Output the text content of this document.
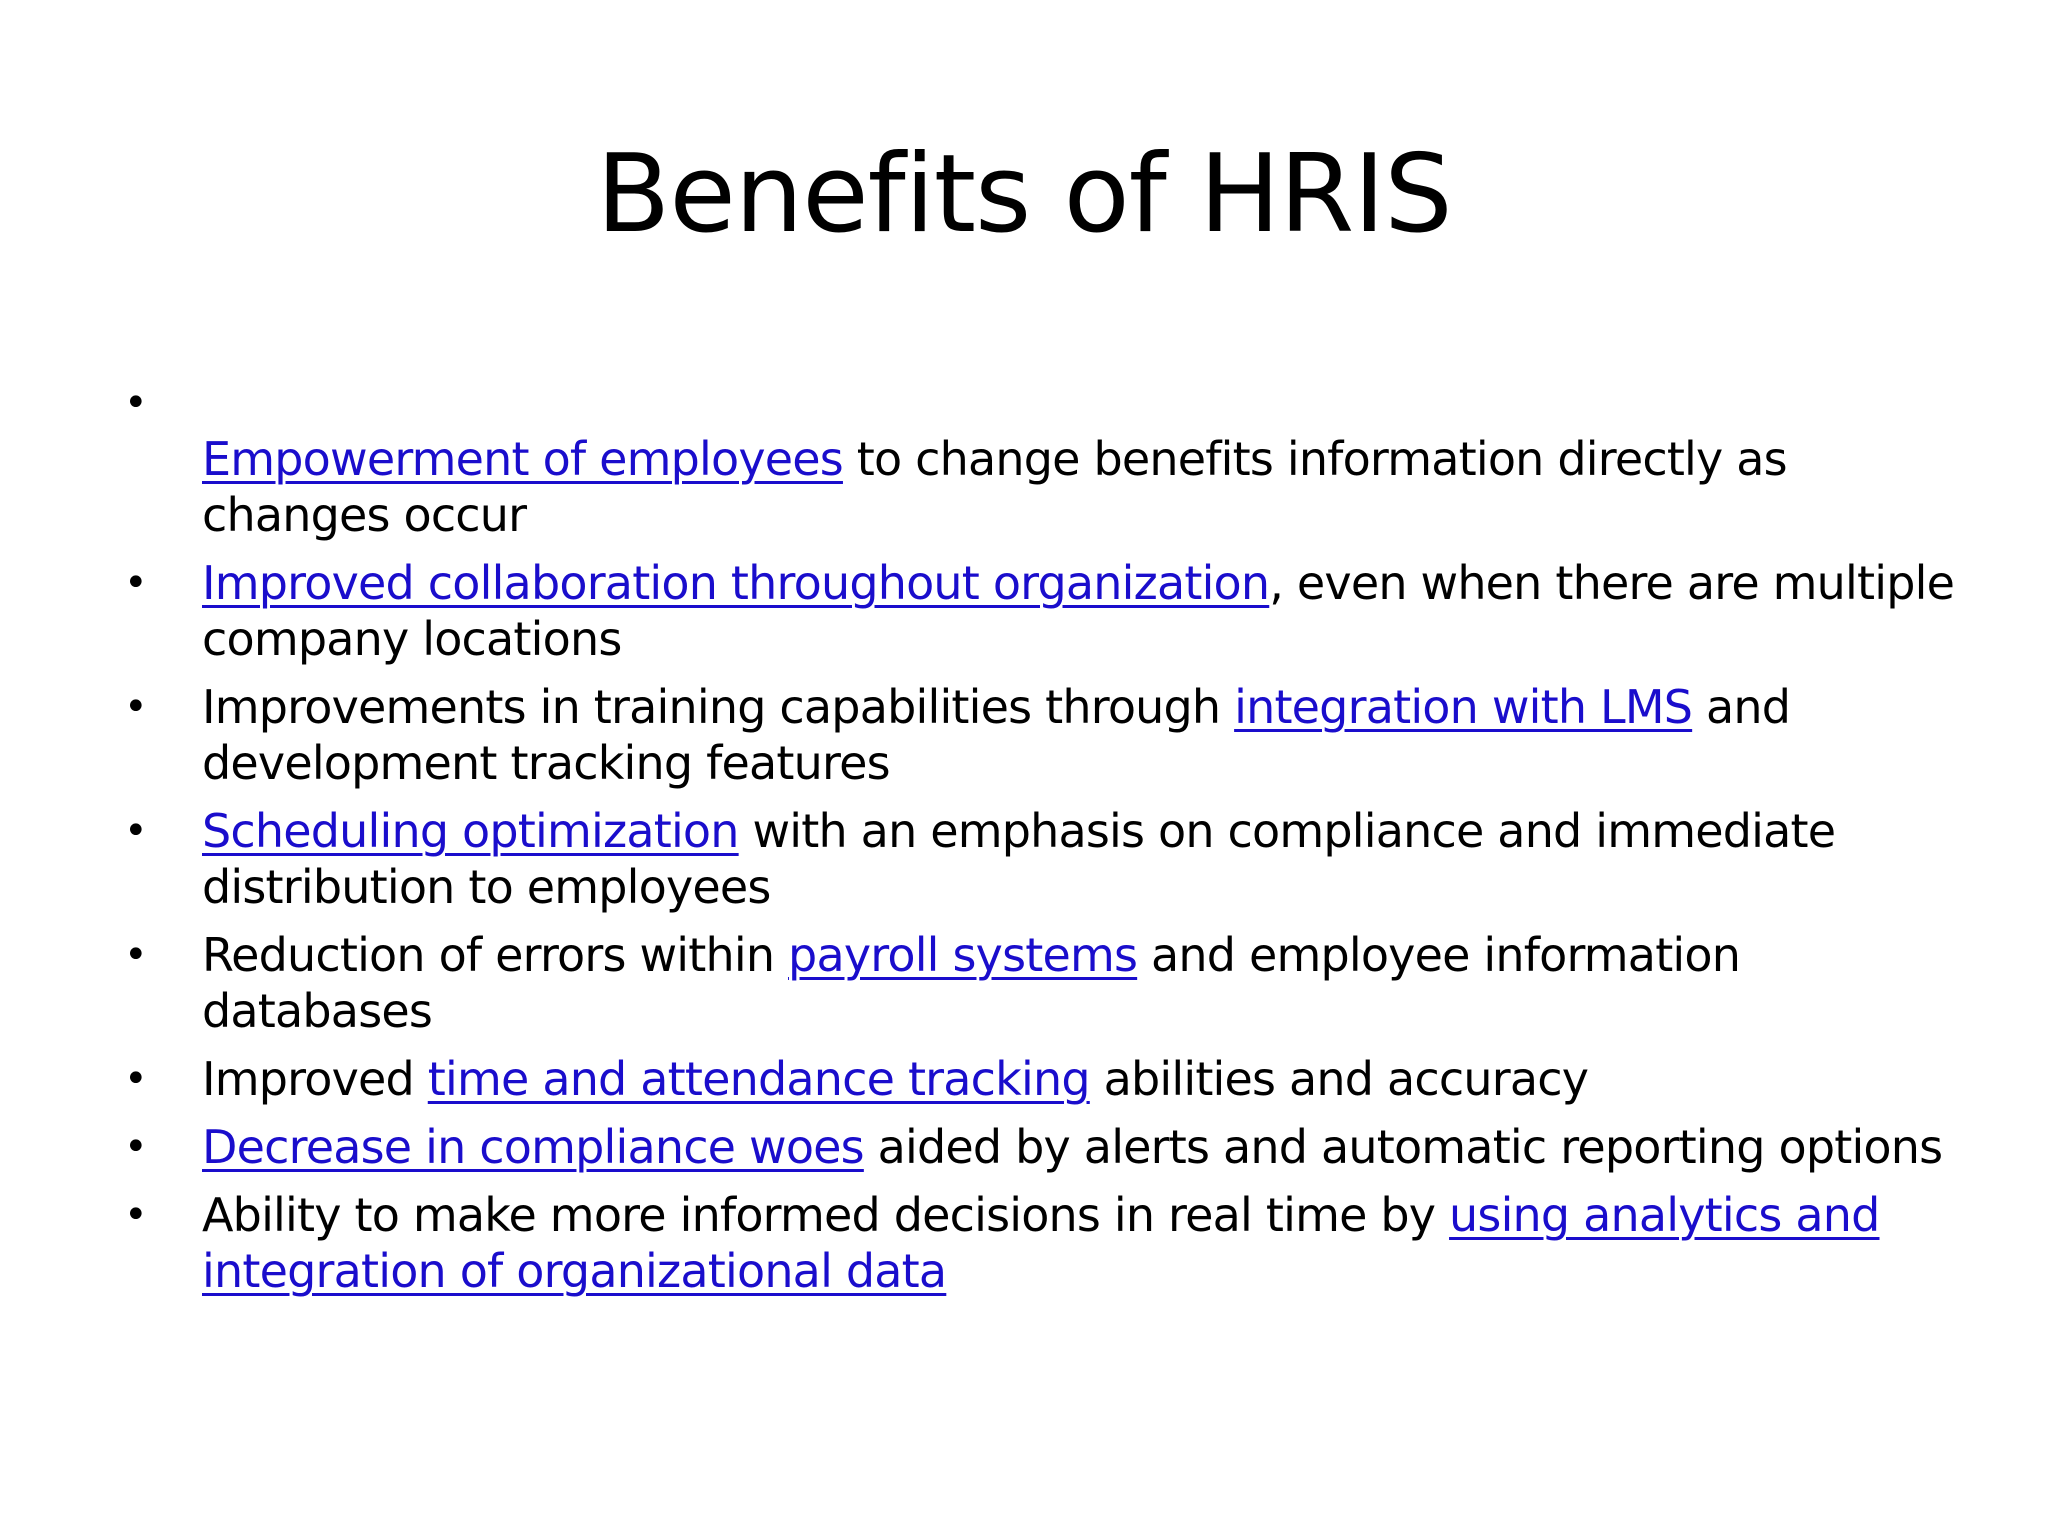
Benefits of HRIS
•
Empowerment of employees to change benefits information directly as changes occur
• Improved collaboration throughout organization, even when there are multiple company locations
• Improvements in training capabilities through integration with LMS and development tracking features
• Scheduling optimization with an emphasis on compliance and immediate distribution to employees
• Reduction of errors within payroll systems and employee information databases
• Improved time and attendance tracking abilities and accuracy
• Decrease in compliance woes aided by alerts and automatic reporting options
• Ability to make more informed decisions in real time by using analytics and integration of organizational data
